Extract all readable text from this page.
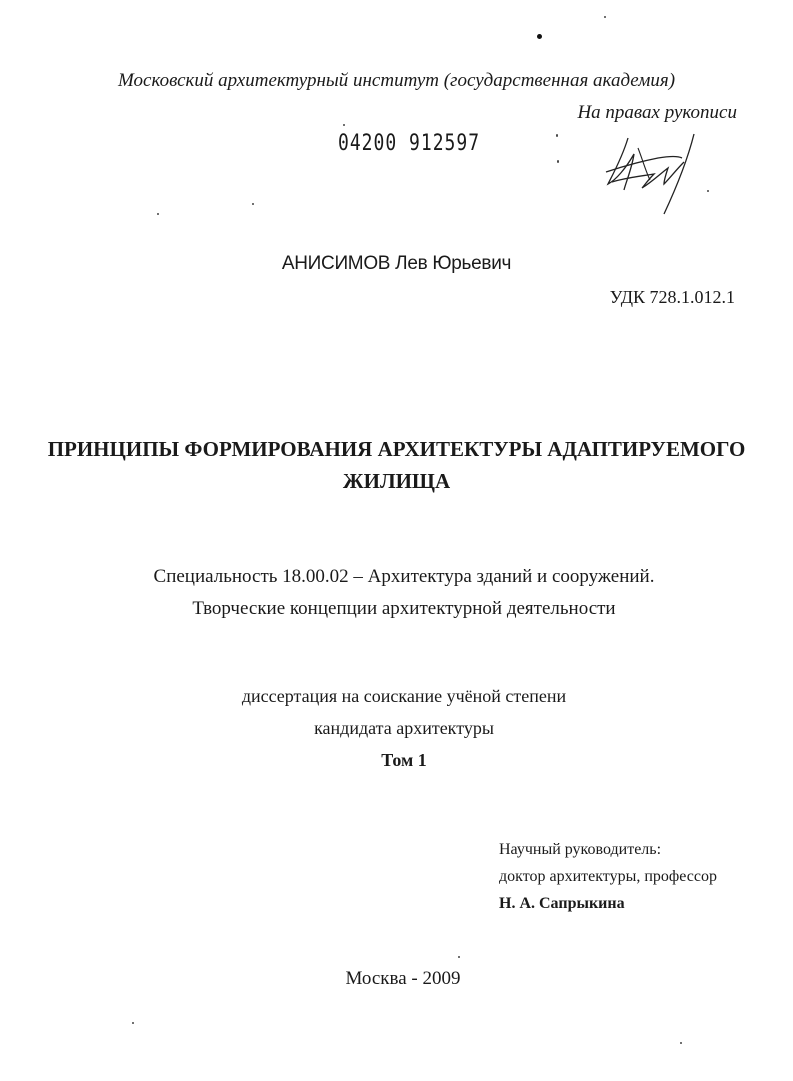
Московский архитектурный институт (государственная академия)
На правах рукописи
04200 912597
АНИСИМОВ Лев Юрьевич
УДК 728.1.012.1
ПРИНЦИПЫ ФОРМИРОВАНИЯ АРХИТЕКТУРЫ АДАПТИРУЕМОГО
ЖИЛИЩА
Специальность 18.00.02 – Архитектура зданий и сооружений.
Творческие концепции архитектурной деятельности
диссертация на соискание учёной степени
кандидата архитектуры
Том 1
Научный руководитель:
доктор архитектуры, профессор
Н. А. Сапрыкина
Москва - 2009
